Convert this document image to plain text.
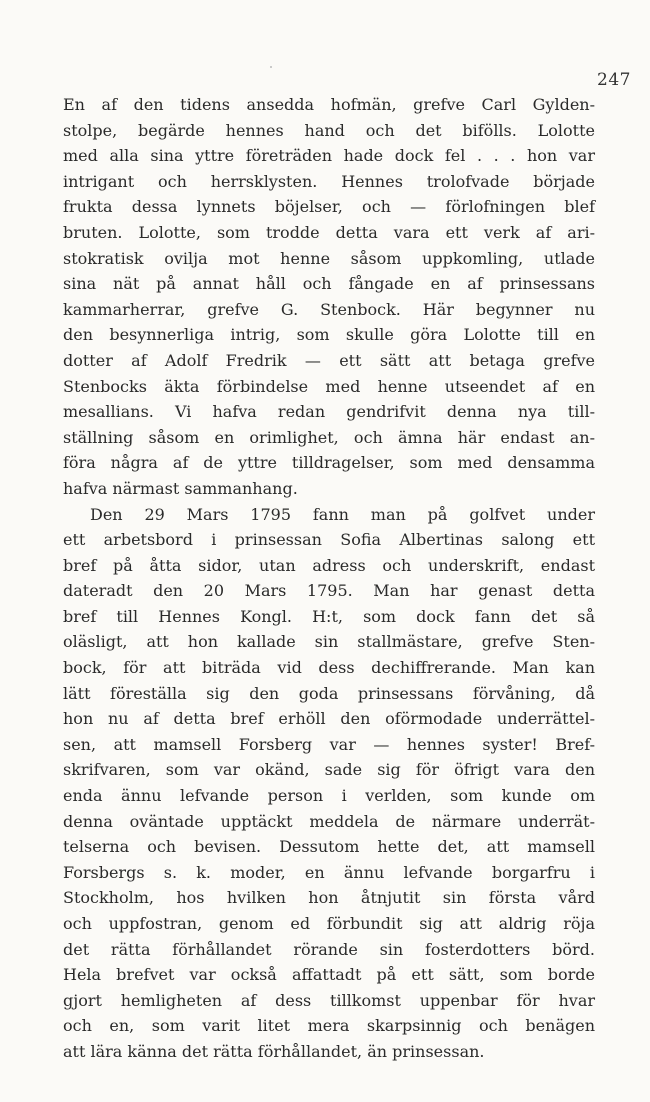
247
En af den tidens ansedda hofmän, grefve Carl Gylden-
stolpe, begärde hennes hand och det bifölls. Lolotte
med alla sina yttre företräden hade dock fel . . . hon var
intrigant och herrsklysten. Hennes trolofvade började
frukta dessa lynnets böjelser, och — förlofningen blef
bruten. Lolotte, som trodde detta vara ett verk af ari-
stokratisk ovilja mot henne såsom uppkomling, utlade
sina nät på annat håll och fångade en af prinsessans
kammarherrar, grefve G. Stenbock. Här begynner nu
den besynnerliga intrig, som skulle göra Lolotte till en
dotter af Adolf Fredrik — ett sätt att betaga grefve
Stenbocks äkta förbindelse med henne utseendet af en
mesallians. Vi hafva redan gendrifvit denna nya till-
ställning såsom en orimlighet, och ämna här endast an-
föra några af de yttre tilldragelser, som med densamma
hafva närmast sammanhang.
Den 29 Mars 1795 fann man på golfvet under
ett arbetsbord i prinsessan Sofia Albertinas salong ett
bref på åtta sidor, utan adress och underskrift, endast
dateradt den 20 Mars 1795. Man har genast detta
bref till Hennes Kongl. H:t, som dock fann det så
oläsligt, att hon kallade sin stallmästare, grefve Sten-
bock, för att biträda vid dess dechiffrerande. Man kan
lätt föreställa sig den goda prinsessans förvåning, då
hon nu af detta bref erhöll den oförmodade underrättel-
sen, att mamsell Forsberg var — hennes syster! Bref-
skrifvaren, som var okänd, sade sig för öfrigt vara den
enda ännu lefvande person i verlden, som kunde om
denna oväntade upptäckt meddela de närmare underrät-
telserna och bevisen. Dessutom hette det, att mamsell
Forsbergs s. k. moder, en ännu lefvande borgarfru i
Stockholm, hos hvilken hon åtnjutit sin första vård
och uppfostran, genom ed förbundit sig att aldrig röja
det rätta förhållandet rörande sin fosterdotters börd.
Hela brefvet var också affattadt på ett sätt, som borde
gjort hemligheten af dess tillkomst uppenbar för hvar
och en, som varit litet mera skarpsinnig och benägen
att lära känna det rätta förhållandet, än prinsessan.
